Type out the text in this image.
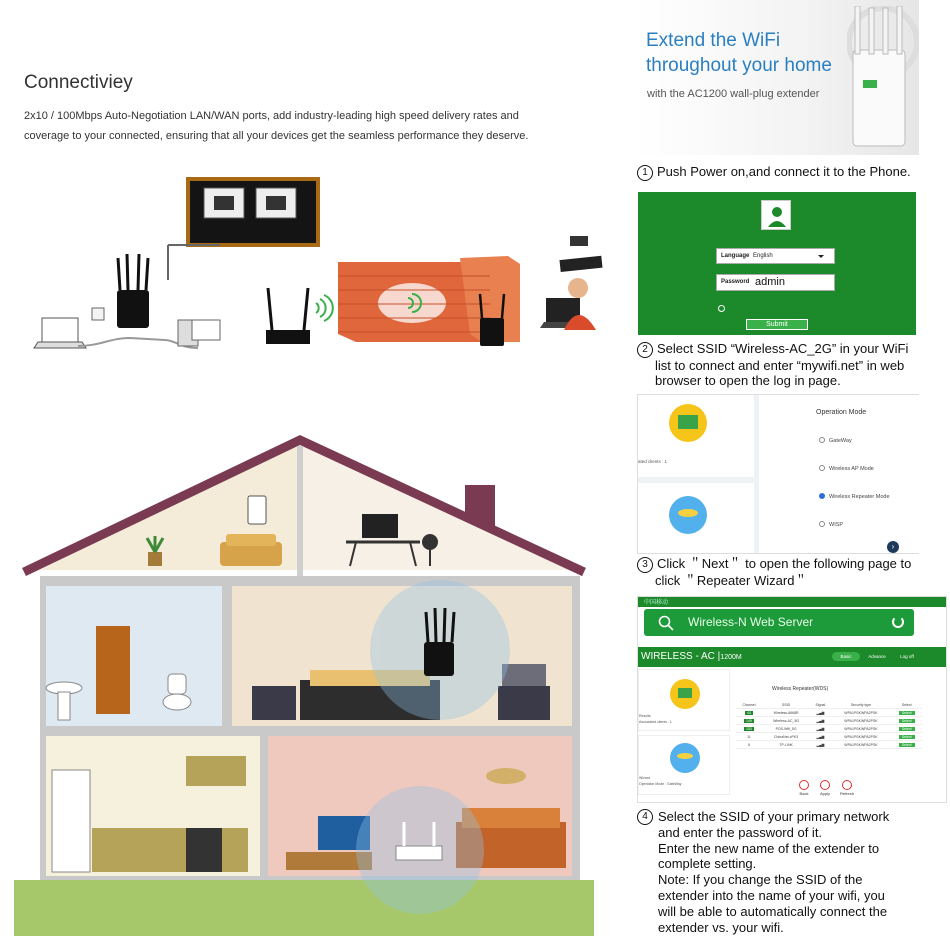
Connectiviey
2x10 / 100Mbps Auto-Negotiation LAN/WAN ports, add industry-leading high speed delivery rates and
coverage to your connected, ensuring that all your devices get the seamless performance they deserve.
Extend the WiFi
throughout your home
with the AC1200 wall-plug extender
1 Push Power on,and connect it to the Phone.
Language English
Password admin
Submit
2 Select SSID “Wireless-AC_2G” in your WiFi
list to connect and enter “mywifi.net” in web
browser to open the log in page.
ated clients : 1
Operation Mode
GateWay
Wireless AP Mode
Wireless Repeater Mode
WISP
›
3 Click ＂Next＂ to open the following page to
click ＂Repeater Wizard＂
中国移动
Wireless-N Web Server
WIRELESS - AC |1200M	Basic	Advance	Log off
Results
Associated clients : 1
Wizard
Operation Mode : GateWay
Wireless Repeater(WDS)
Channel	SSID	Signal	Security type	Select
44	Wireless-6668R	▂▄▆	WPA1PSKWPA2PSK	Select
149	Wireless-AC_5G	▂▄▆	WPA1PSKWPA2PSK	Select
153	POS-Wifi_5G	▂▄▆	WPA1PSKWPA2PSK	Select
11	ChinaNet-zPK3	▂▄▆	WPA1PSKWPA2PSK	Select
6	TP-LINK	▂▄▆	WPA1PSKWPA2PSK	Select
Back	Apply	Refresh
4 Select the SSID of your primary network
and enter the password of it.
Enter the new name of the extender to
complete setting.
Note: If you change the SSID of the
extender into the name of your wifi, you
will be able to automatically connect the
extender vs. your wifi.
